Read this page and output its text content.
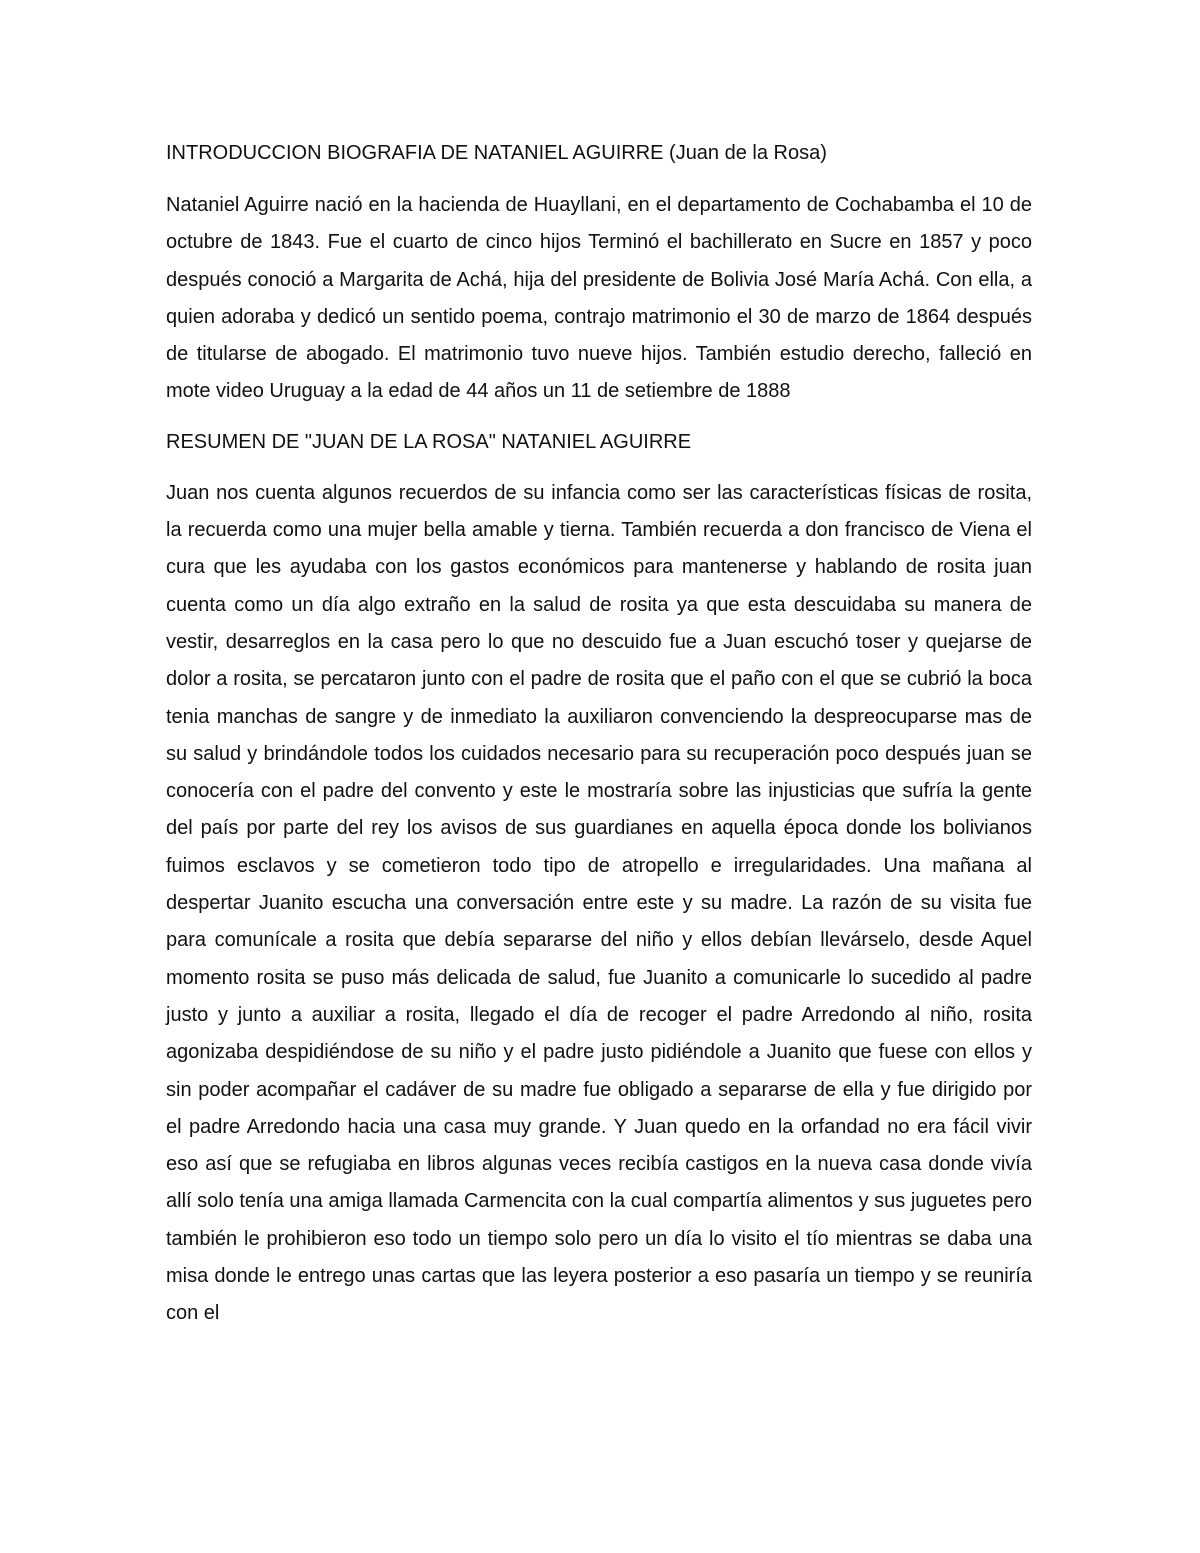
INTRODUCCION BIOGRAFIA DE NATANIEL AGUIRRE (Juan de la Rosa)

Nataniel Aguirre nació en la hacienda de Huayllani, en el departamento de Cochabamba el 10 de octubre de 1843. Fue el cuarto de cinco hijos Terminó el bachillerato en Sucre en 1857 y poco después conoció a Margarita de Achá, hija del presidente de Bolivia José María Achá. Con ella, a quien adoraba y dedicó un sentido poema, contrajo matrimonio el 30 de marzo de 1864 después de titularse de abogado. El matrimonio tuvo nueve hijos. También estudio derecho, falleció en mote video Uruguay a la edad de 44 años un 11 de setiembre de 1888

RESUMEN DE "JUAN DE LA ROSA" NATANIEL AGUIRRE

Juan nos cuenta algunos recuerdos de su infancia como ser las características físicas de rosita, la recuerda como una mujer bella amable y tierna. También recuerda a don francisco de Viena el cura que les ayudaba con los gastos económicos para mantenerse y hablando de rosita juan cuenta como un día algo extraño en la salud de rosita ya que esta descuidaba su manera de vestir, desarreglos en la casa pero lo que no descuido fue a Juan escuchó toser y quejarse de dolor a rosita, se percataron junto con el padre de rosita que el paño con el que se cubrió la boca tenia manchas de sangre y de inmediato la auxiliaron convenciendo la despreocuparse mas de su salud y brindándole todos los cuidados necesario para su recuperación poco después juan se conocería con el padre del convento y este le mostraría sobre las injusticias que sufría la gente del país por parte del rey los avisos de sus guardianes en aquella época donde los bolivianos fuimos esclavos y se cometieron todo tipo de atropello e irregularidades. Una mañana al despertar Juanito escucha una conversación entre este y su madre. La razón de su visita fue para comunícale a rosita que debía separarse del niño y ellos debían llevárselo, desde Aquel momento rosita se puso más delicada de salud, fue Juanito a comunicarle lo sucedido al padre justo y junto a auxiliar a rosita, llegado el día de recoger el padre Arredondo al niño, rosita agonizaba despidiéndose de su niño y el padre justo pidiéndole a Juanito que fuese con ellos y sin poder acompañar el cadáver de su madre fue obligado a separarse de ella y fue dirigido por el padre Arredondo hacia una casa muy grande. Y Juan quedo en la orfandad no era fácil vivir eso así que se refugiaba en libros algunas veces recibía castigos en la nueva casa donde vivía allí solo tenía una amiga llamada Carmencita con la cual compartía alimentos y sus juguetes pero también le prohibieron eso todo un tiempo solo pero un día lo visito el tío mientras se daba una misa donde le entrego unas cartas que las leyera posterior a eso pasaría un tiempo y se reuniría con el
